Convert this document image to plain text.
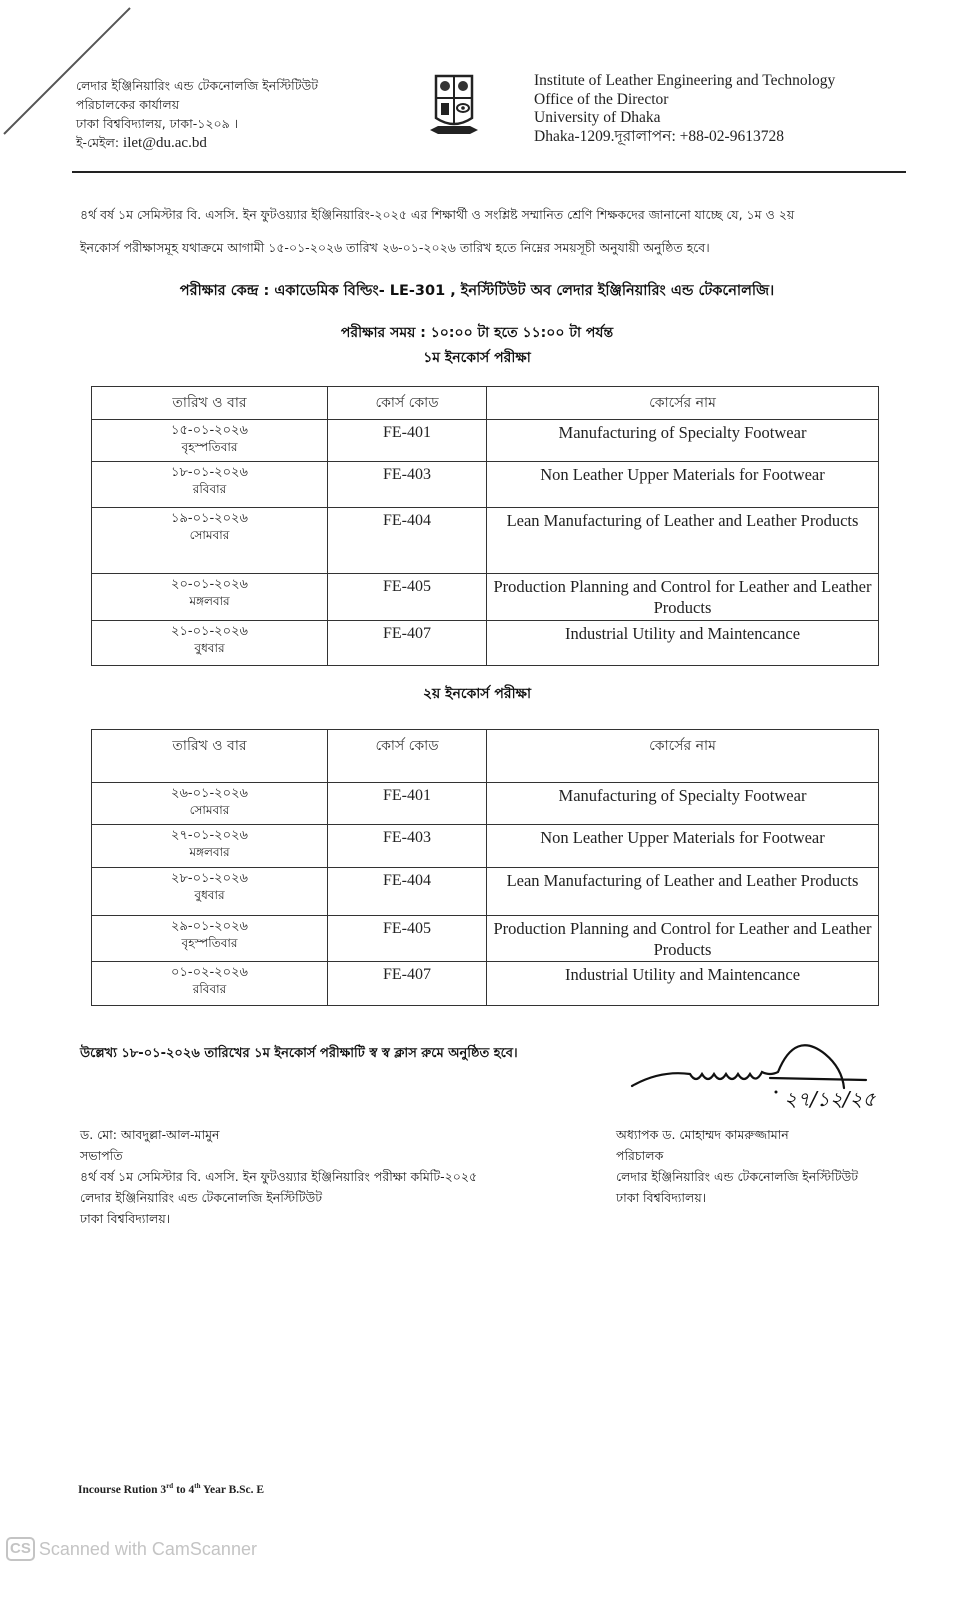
লেদার ইঞ্জিনিয়ারিং এন্ড টেকনোলজি ইনস্টিটিউট
পরিচালকের কার্যালয়
ঢাকা বিশ্ববিদ্যালয়, ঢাকা-১২০৯ ।
ই-মেইল: ilet@du.ac.bd
Institute of Leather Engineering and Technology
Office of the Director
University of Dhaka
Dhaka-1209.দূরালাপন: +88-02-9613728
৪র্থ বর্ষ ১ম সেমিস্টার বি. এসসি. ইন ফুটওয়্যার ইঞ্জিনিয়ারিং-২০২৫ এর শিক্ষার্থী ও সংশ্লিষ্ট সম্মানিত শ্রেণি শিক্ষকদের জানানো যাচ্ছে যে, ১ম ও ২য়
ইনকোর্স পরীক্ষাসমূহ যথাক্রমে আগামী ১৫-০১-২০২৬ তারিখ ২৬-০১-২০২৬ তারিখ হতে নিম্নের সময়সূচী অনুযায়ী অনুষ্ঠিত হবে।
পরীক্ষার কেন্দ্র : একাডেমিক বিল্ডিং- LE-301 , ইনস্টিটিউট অব লেদার ইঞ্জিনিয়ারিং এন্ড টেকনোলজি।
পরীক্ষার সময় : ১০:০০ টা হতে ১১:০০ টা পর্যন্ত
১ম ইনকোর্স পরীক্ষা
তারিখ ও বার	কোর্স কোড	কোর্সের নাম

১৫-০১-২০২৬
বৃহস্পতিবার	FE-401	Manufacturing of Specialty Footwear

১৮-০১-২০২৬
রবিবার	FE-403	Non Leather Upper Materials for Footwear

১৯-০১-২০২৬
সোমবার	FE-404	Lean Manufacturing of Leather and Leather Products

২০-০১-২০২৬
মঙ্গলবার	FE-405	Production Planning and Control for Leather and Leather Products

২১-০১-২০২৬
বুধবার	FE-407	Industrial Utility and Maintencance
২য় ইনকোর্স পরীক্ষা
তারিখ ও বার	কোর্স কোড	কোর্সের নাম

২৬-০১-২০২৬
সোমবার	FE-401	Manufacturing of Specialty Footwear

২৭-০১-২০২৬
মঙ্গলবার	FE-403	Non Leather Upper Materials for Footwear

২৮-০১-২০২৬
বুধবার	FE-404	Lean Manufacturing of Leather and Leather Products

২৯-০১-২০২৬
বৃহস্পতিবার	FE-405	Production Planning and Control for Leather and Leather Products

০১-০২-২০২৬
রবিবার	FE-407	Industrial Utility and Maintencance
উল্লেখ্য ১৮-০১-২০২৬ তারিখের ১ম ইনকোর্স পরীক্ষাটি স্ব স্ব ক্লাস রুমে অনুষ্ঠিত হবে।
২৭/১২/২৫
ড. মো: আবদুল্লা-আল-মামুন
সভাপতি
৪র্থ বর্ষ ১ম সেমিস্টার বি. এসসি. ইন ফুটওয়্যার ইঞ্জিনিয়ারিং পরীক্ষা কমিটি-২০২৫
লেদার ইঞ্জিনিয়ারিং এন্ড টেকনোলজি ইনস্টিটিউট
ঢাকা বিশ্ববিদ্যালয়।
অধ্যাপক ড. মোহাম্মদ কামরুজ্জামান
পরিচালক
লেদার ইঞ্জিনিয়ারিং এন্ড টেকনোলজি ইনস্টিটিউট
ঢাকা বিশ্ববিদ্যালয়।
Incourse Rution 3rd to 4th Year B.Sc. E
CS Scanned with CamScanner
